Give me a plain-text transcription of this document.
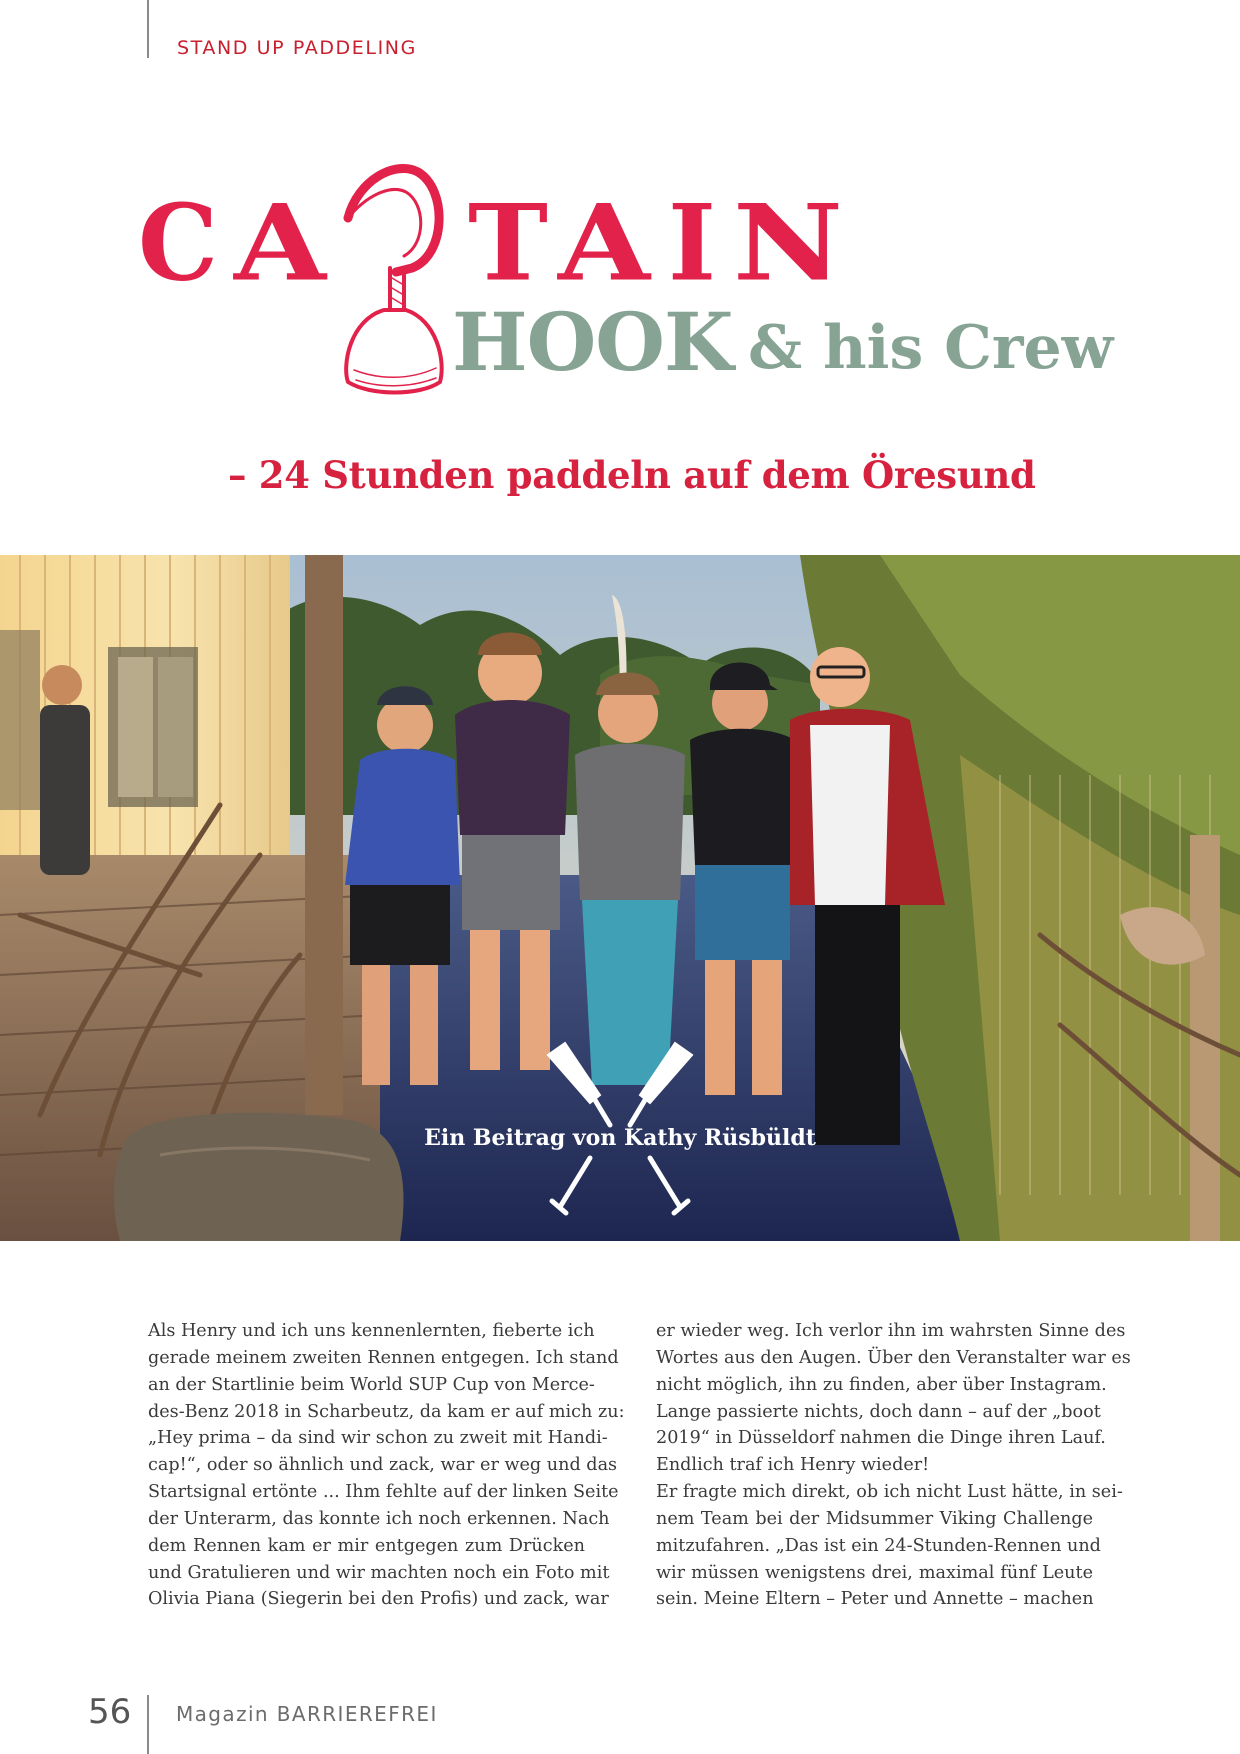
STAND UP PADDELING
C A T A I N
HOOK & his Crew
– 24 Stunden paddeln auf dem Öresund
Ein Beitrag von Kathy Rüsbüldt
Als Henry und ich uns kennenlernten, fieberte ich
gerade meinem zweiten Rennen entgegen. Ich stand
an der Startlinie beim World SUP Cup von Merce-
des-Benz 2018 in Scharbeutz, da kam er auf mich zu:
„Hey prima – da sind wir schon zu zweit mit Handi-
cap!“, oder so ähnlich und zack, war er weg und das
Startsignal ertönte ... Ihm fehlte auf der linken Seite
der Unterarm, das konnte ich noch erkennen. Nach
dem Rennen kam er mir entgegen zum Drücken
und Gratulieren und wir machten noch ein Foto mit
Olivia Piana (Siegerin bei den Profis) und zack, war
er wieder weg. Ich verlor ihn im wahrsten Sinne des
Wortes aus den Augen. Über den Veranstalter war es
nicht möglich, ihn zu finden, aber über Instagram.
Lange passierte nichts, doch dann – auf der „boot
2019“ in Düsseldorf nahmen die Dinge ihren Lauf.
Endlich traf ich Henry wieder!
Er fragte mich direkt, ob ich nicht Lust hätte, in sei-
nem Team bei der Midsummer Viking Challenge
mitzufahren. „Das ist ein 24-Stunden-Rennen und
wir müssen wenigstens drei, maximal fünf Leute
sein. Meine Eltern – Peter und Annette – machen
56 Magazin BARRIEREFREI
